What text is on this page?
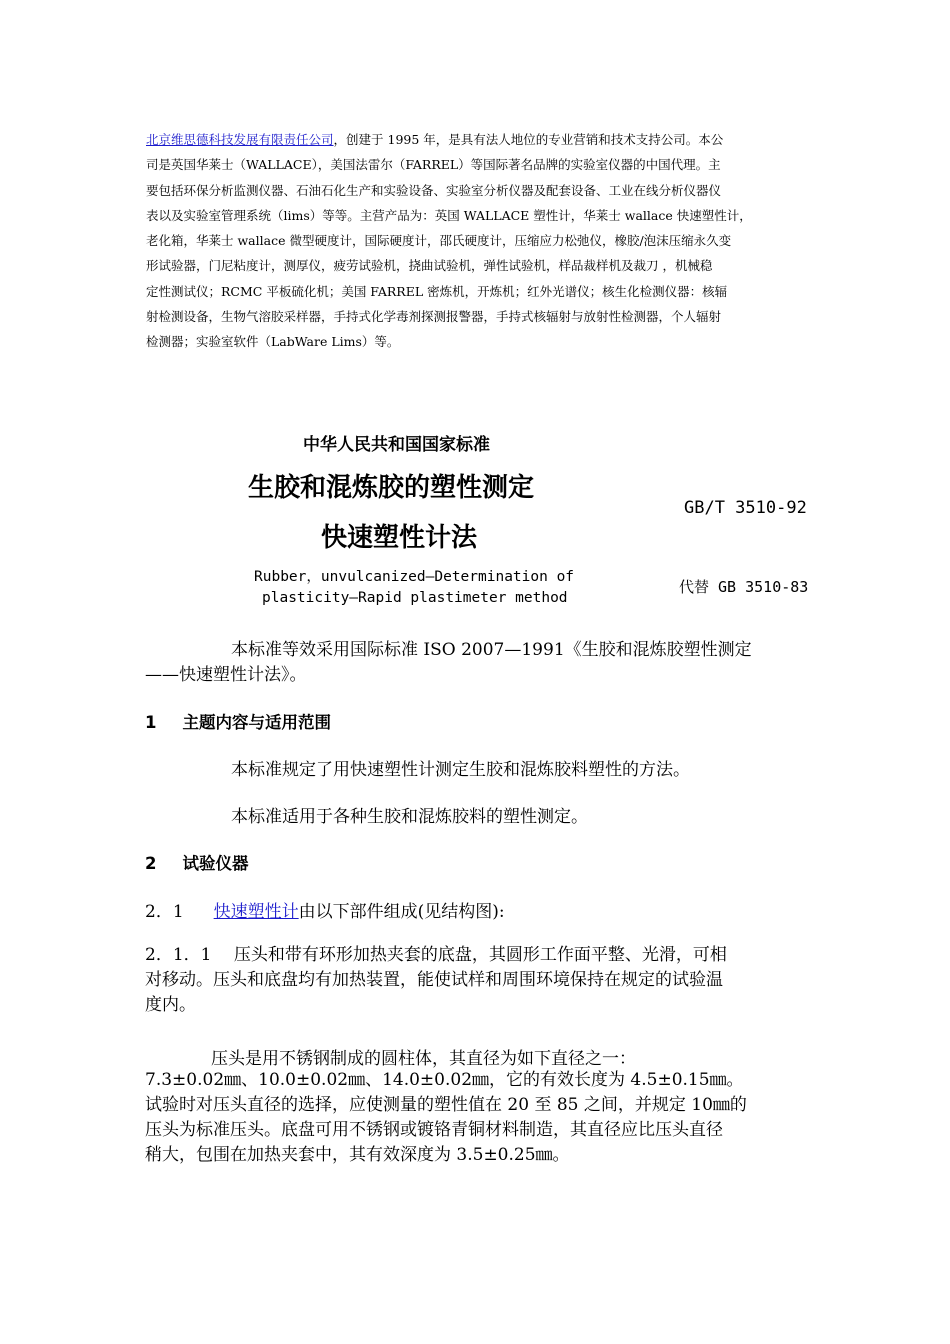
北京维思德科技发展有限责任公司，创建于 1995 年，是具有法人地位的专业营销和技术支持公司。本公
司是英国华莱士（WALLACE），美国法雷尔（FARREL）等国际著名品牌的实验室仪器的中国代理。主
要包括环保分析监测仪器、石油石化生产和实验设备、实验室分析仪器及配套设备、工业在线分析仪器仪
表以及实验室管理系统（lims）等等。主营产品为：英国 WALLACE 塑性计，华莱士 wallace 快速塑性计，
老化箱，华莱士 wallace 微型硬度计，国际硬度计，邵氏硬度计，压缩应力松弛仪，橡胶/泡沫压缩永久变
形试验器，门尼粘度计，测厚仪，疲劳试验机，挠曲试验机，弹性试验机，样品裁样机及裁刀 ，机械稳
定性测试仪；RCMC 平板硫化机；美国 FARREL 密炼机，开炼机；红外光谱仪；核生化检测仪器：核辐
射检测设备，生物气溶胶采样器，手持式化学毒剂探测报警器，手持式核辐射与放射性检测器，个人辐射
检测器；实验室软件（LabWare Lims）等。
中华人民共和国国家标准
生胶和混炼胶的塑性测定
快速塑性计法
GB/T 3510-92
Rubber，unvulcanized—Determination of
plasticity—Rapid plastimeter method
代替 GB 3510-83
本标准等效采用国际标准 ISO 2007—1991《生胶和混炼胶塑性测定
——快速塑性计法》。
1 主题内容与适用范围
本标准规定了用快速塑性计测定生胶和混炼胶料塑性的方法。
本标准适用于各种生胶和混炼胶料的塑性测定。
2 试验仪器
2．1 快速塑性计由以下部件组成(见结构图):
2．1．1　 压头和带有环形加热夹套的底盘，其圆形工作面平整、光滑，可相
对移动。压头和底盘均有加热装置，能使试样和周围环境保持在规定的试验温
度内。
压头是用不锈钢制成的圆柱体，其直径为如下直径之一：
7.3±0.02㎜、10.0±0.02㎜、14.0±0.02㎜，它的有效长度为 4.5±0.15㎜。
试验时对压头直径的选择，应使测量的塑性值在 20 至 85 之间，并规定 10㎜的
压头为标准压头。底盘可用不锈钢或镀铬青铜材料制造，其直径应比压头直径
稍大，包围在加热夹套中，其有效深度为 3.5±0.25㎜。
